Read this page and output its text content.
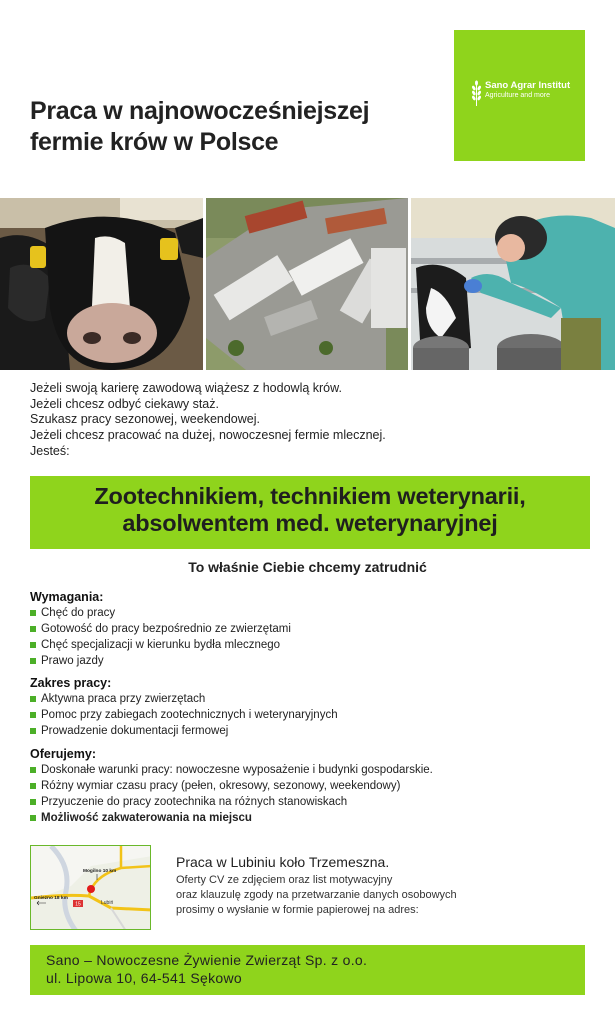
Sano Agrar Institut
Agriculture and more
Praca w najnowocześniejszej
fermie krów w Polsce
Jeżeli swoją karierę zawodową wiążesz z hodowlą krów.
Jeżeli chcesz odbyć ciekawy staż.
Szukasz pracy sezonowej, weekendowej.
Jeżeli chcesz pracować na dużej, nowoczesnej fermie mlecznej.
Jesteś:
Zootechnikiem, technikiem weterynarii,
absolwentem med. weterynaryjnej
To właśnie Ciebie chcemy zatrudnić
Wymagania:
Chęć do pracy
Gotowość do pracy bezpośrednio ze zwierzętami
Chęć specjalizacji w kierunku bydła mlecznego
Prawo jazdy
Zakres pracy:
Aktywna praca przy zwierzętach
Pomoc przy zabiegach zootechnicznych i weterynaryjnych
Prowadzenie dokumentacji fermowej
Oferujemy:
Doskonałe warunki pracy: nowoczesne wyposażenie i budynki gospodarskie.
Różny wymiar czasu pracy (pełen, okresowy, sezonowy, weekendowy)
Przyuczenie do pracy zootechnika na różnych stanowiskach
Możliwość zakwaterowania na miejscu
15
Mogilno 10 km
Gniezno 18 km
Lubiń
Praca w Lubiniu koło Trzemeszna.
Oferty CV ze zdjęciem oraz list motywacyjny
oraz klauzulę zgody na przetwarzanie danych osobowych
prosimy o wysłanie w formie papierowej na adres:
Sano – Nowoczesne Żywienie Zwierząt Sp. z o.o.
ul. Lipowa 10, 64-541 Sękowo
